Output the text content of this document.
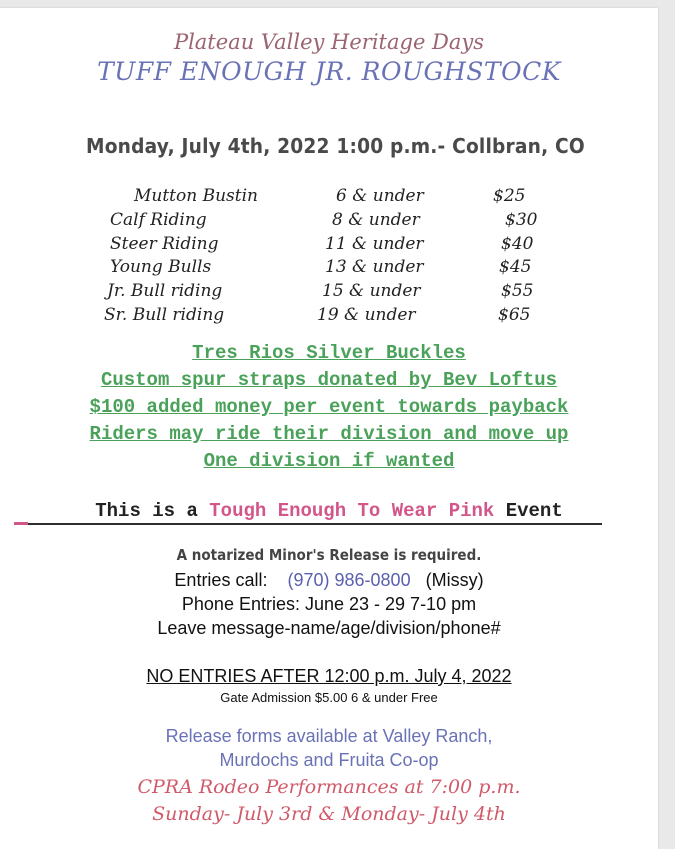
Plateau Valley Heritage Days
TUFF ENOUGH JR. ROUGHSTOCK
Monday, July 4th, 2022 1:00 p.m.- Collbran, CO
Mutton Bustin	6 & under	$25
Calf Riding	8 & under	$30
Steer Riding	11 & under	$40
Young Bulls	13 & under	$45
Jr. Bull riding	15 & under	$55
Sr. Bull riding	19 & under	$65
Tres Rios Silver Buckles
Custom spur straps donated by Bev Loftus
$100 added money per event towards payback
Riders may ride their division and move up
One division if wanted
This is a Tough Enough To Wear Pink Event
A notarized Minor's Release is required.
Entries call: (970) 986-0800 (Missy)
Phone Entries: June 23 - 29 7-10 pm
Leave message-name/age/division/phone#
NO ENTRIES AFTER 12:00 p.m. July 4, 2022
Gate Admission $5.00 6 & under Free
Release forms available at Valley Ranch,
Murdochs and Fruita Co-op
CPRA Rodeo Performances at 7:00 p.m.
Sunday- July 3rd & Monday- July 4th
